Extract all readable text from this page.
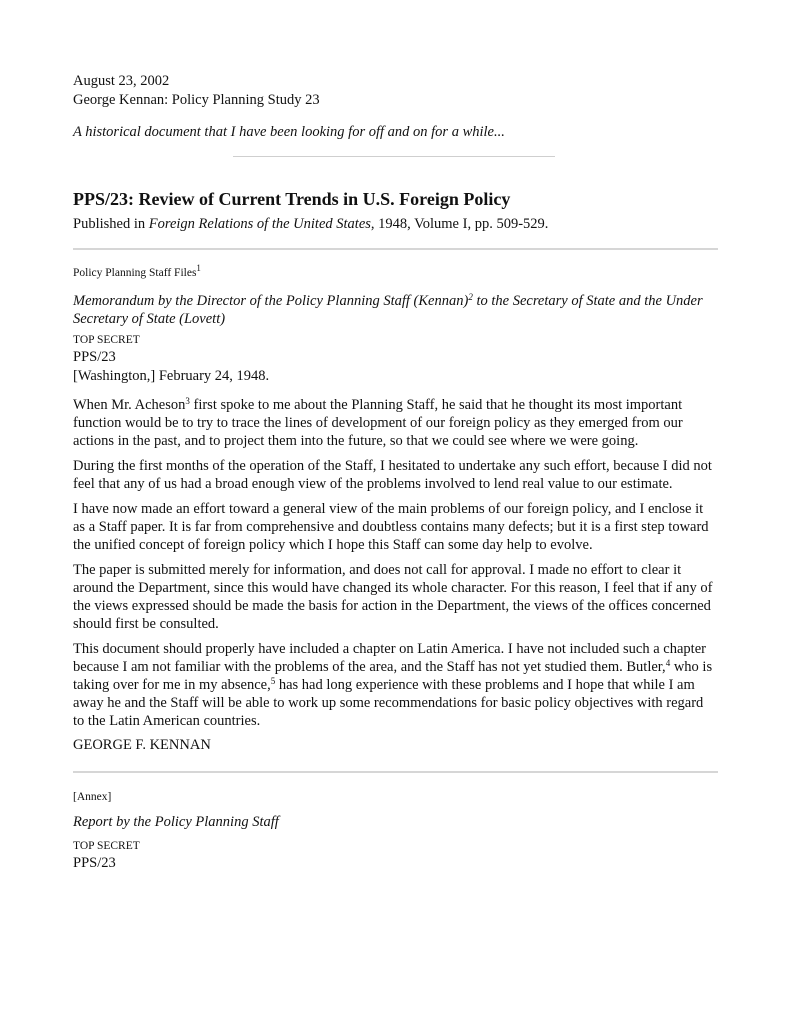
August 23, 2002
George Kennan: Policy Planning Study 23
A historical document that I have been looking for off and on for a while...
PPS/23: Review of Current Trends in U.S. Foreign Policy
Published in Foreign Relations of the United States, 1948, Volume I, pp. 509-529.
Policy Planning Staff Files$^1$
Memorandum by the Director of the Policy Planning Staff (Kennan)$^2$ to the Secretary of State and the Under Secretary of State (Lovett)
TOP SECRET
PPS/23
[Washington,] February 24, 1948.
When Mr. Acheson$^3$ first spoke to me about the Planning Staff, he said that he thought its most important function would be to try to trace the lines of development of our foreign policy as they emerged from our actions in the past, and to project them into the future, so that we could see where we were going.
During the first months of the operation of the Staff, I hesitated to undertake any such effort, because I did not feel that any of us had a broad enough view of the problems involved to lend real value to our estimate.
I have now made an effort toward a general view of the main problems of our foreign policy, and I enclose it as a Staff paper. It is far from comprehensive and doubtless contains many defects; but it is a first step toward the unified concept of foreign policy which I hope this Staff can some day help to evolve.
The paper is submitted merely for information, and does not call for approval. I made no effort to clear it around the Department, since this would have changed its whole character. For this reason, I feel that if any of the views expressed should be made the basis for action in the Department, the views of the offices concerned should first be consulted.
This document should properly have included a chapter on Latin America. I have not included such a chapter because I am not familiar with the problems of the area, and the Staff has not yet studied them. Butler,$^4$ who is taking over for me in my absence,$^5$ has had long experience with these problems and I hope that while I am away he and the Staff will be able to work up some recommendations for basic policy objectives with regard to the Latin American countries.
GEORGE F. KENNAN
[Annex]
Report by the Policy Planning Staff
TOP SECRET
PPS/23
